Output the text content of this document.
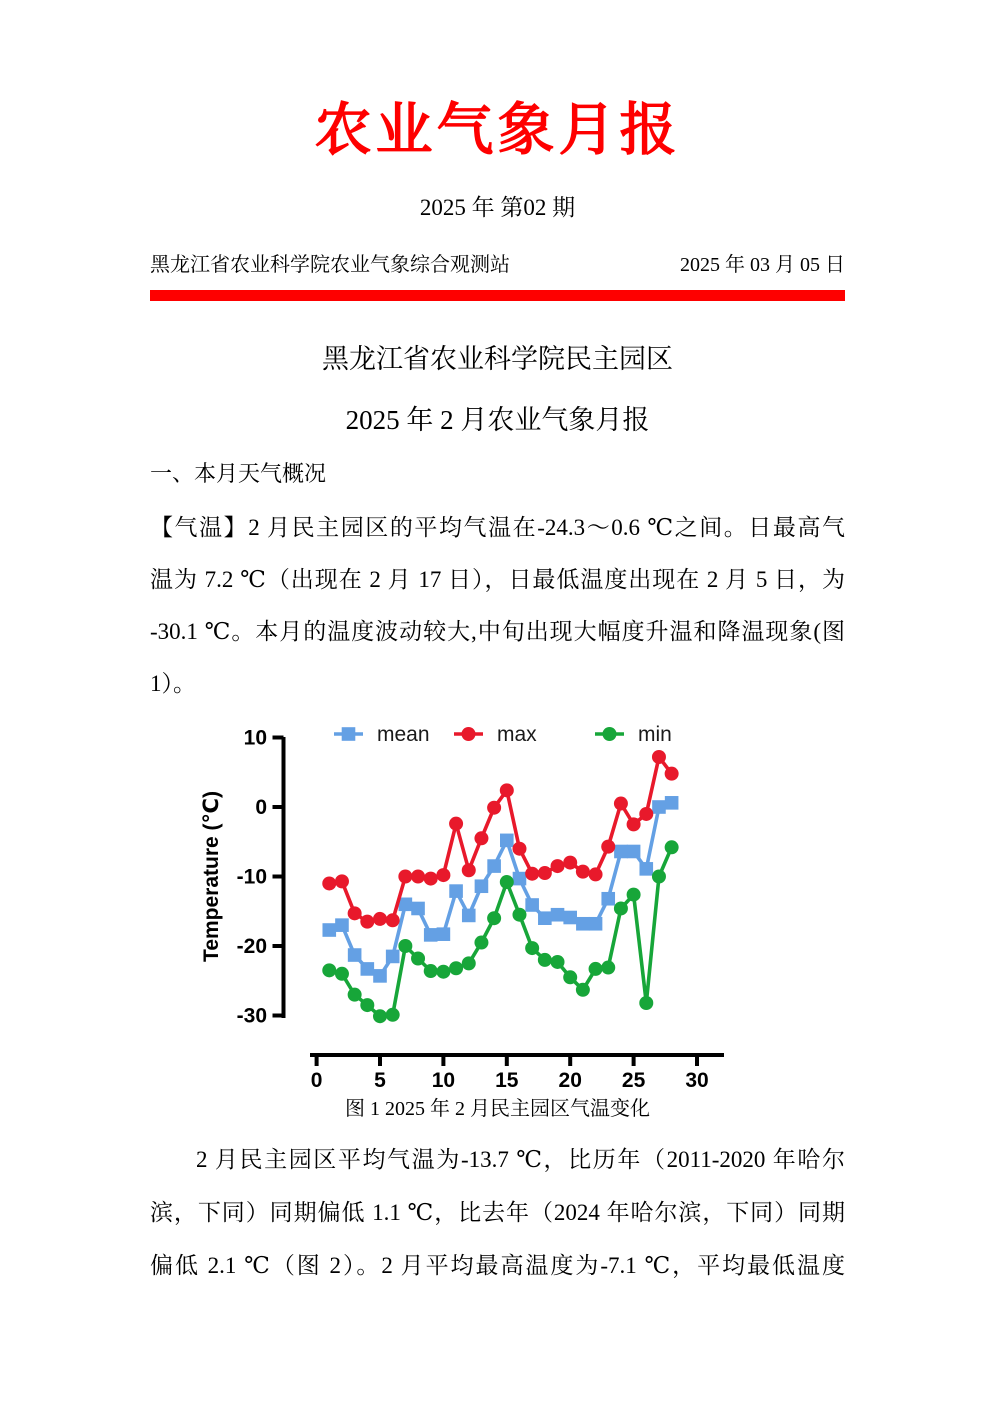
农业气象月报
2025 年 第02 期
黑龙江省农业科学院农业气象综合观测站	2025 年 03 月 05 日
黑龙江省农业科学院民主园区
2025 年 2 月农业气象月报
一、本月天气概况
【气温】2 月民主园区的平均气温在-24.3～0.6 ℃之间。日最高气
温为 7.2 ℃（出现在 2 月 17 日），日最低温度出现在 2 月 5 日，为
-30.1 ℃。本月的温度波动较大,中旬出现大幅度升温和降温现象(图
1）。
10
0
-10
-20
-30
0 5 10 15 20 25 30
Temperature (℃)
mean	max	min
图 1 2025 年 2 月民主园区气温变化
2 月民主园区平均气温为-13.7 ℃，比历年（2011-2020 年哈尔
滨，下同）同期偏低 1.1 ℃，比去年（2024 年哈尔滨，下同）同期
偏低 2.1 ℃（图 2）。2 月平均最高温度为-7.1 ℃，平均最低温度
